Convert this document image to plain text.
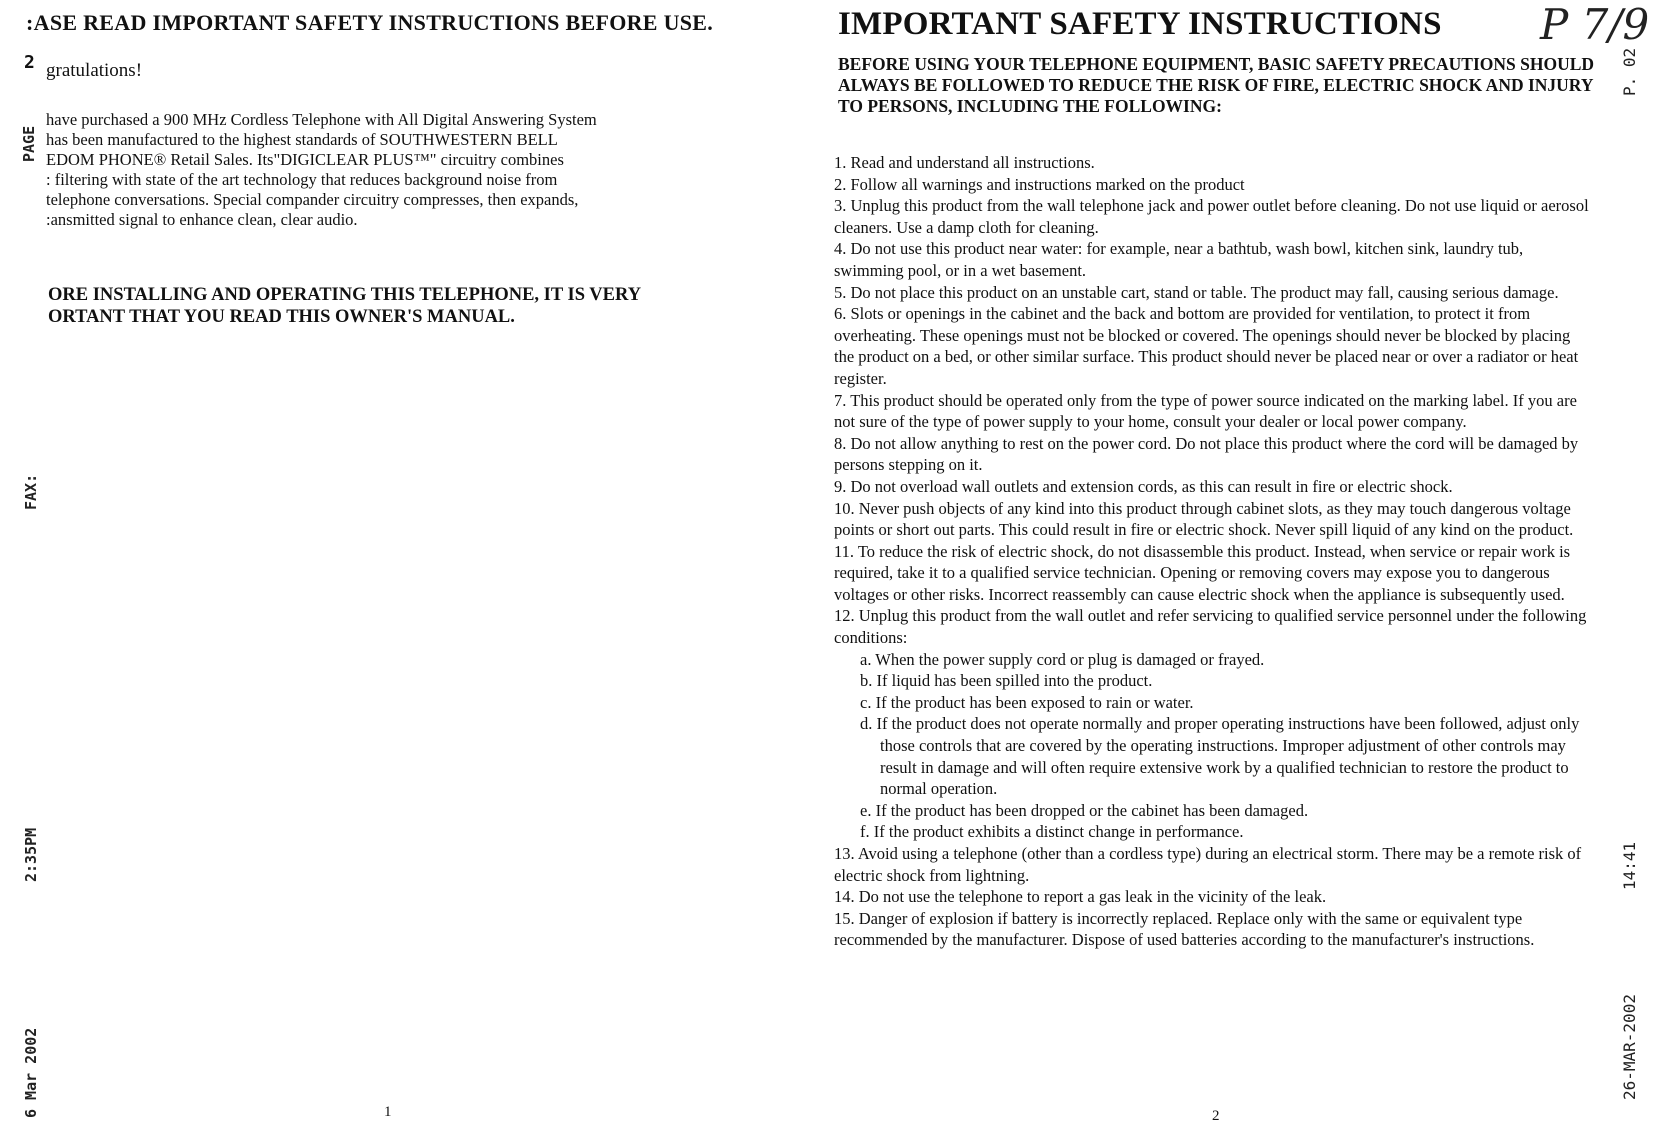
:ASE READ IMPORTANT SAFETY INSTRUCTIONS BEFORE USE.
2 gratulations!
PAGE
have purchased a 900 MHz Cordless Telephone with All Digital Answering System
has been manufactured to the highest standards of SOUTHWESTERN BELL
EDOM PHONE® Retail Sales. Its"DIGICLEAR PLUS™" circuitry combines
: filtering with state of the art technology that reduces background noise from
telephone conversations. Special compander circuitry compresses, then expands,
:ansmitted signal to enhance clean, clear audio.
ORE INSTALLING AND OPERATING THIS TELEPHONE, IT IS VERY
ORTANT THAT YOU READ THIS OWNER'S MANUAL.
1
FAX:
2:35PM
6 Mar 2002
IMPORTANT SAFETY INSTRUCTIONS P 7/9
BEFORE USING YOUR TELEPHONE EQUIPMENT, BASIC SAFETY PRECAUTIONS SHOULD ALWAYS BE FOLLOWED TO REDUCE THE RISK OF FIRE, ELECTRIC SHOCK AND INJURY TO PERSONS, INCLUDING THE FOLLOWING:
1. Read and understand all instructions.
2. Follow all warnings and instructions marked on the product
3. Unplug this product from the wall telephone jack and power outlet before cleaning. Do not use liquid or aerosol cleaners. Use a damp cloth for cleaning.
4. Do not use this product near water: for example, near a bathtub, wash bowl, kitchen sink, laundry tub, swimming pool, or in a wet basement.
5. Do not place this product on an unstable cart, stand or table. The product may fall, causing serious damage.
6. Slots or openings in the cabinet and the back and bottom are provided for ventilation, to protect it from overheating. These openings must not be blocked or covered. The openings should never be blocked by placing the product on a bed, or other similar surface. This product should never be placed near or over a radiator or heat register.
7. This product should be operated only from the type of power source indicated on the marking label. If you are not sure of the type of power supply to your home, consult your dealer or local power company.
8. Do not allow anything to rest on the power cord. Do not place this product where the cord will be damaged by persons stepping on it.
9. Do not overload wall outlets and extension cords, as this can result in fire or electric shock.
10. Never push objects of any kind into this product through cabinet slots, as they may touch dangerous voltage points or short out parts. This could result in fire or electric shock. Never spill liquid of any kind on the product.
11. To reduce the risk of electric shock, do not disassemble this product. Instead, when service or repair work is required, take it to a qualified service technician. Opening or removing covers may expose you to dangerous voltages or other risks. Incorrect reassembly can cause electric shock when the appliance is subsequently used.
12. Unplug this product from the wall outlet and refer servicing to qualified service personnel under the following conditions:
a. When the power supply cord or plug is damaged or frayed.
b. If liquid has been spilled into the product.
c. If the product has been exposed to rain or water.
d. If the product does not operate normally and proper operating instructions have been followed, adjust only those controls that are covered by the operating instructions. Improper adjustment of other controls may result in damage and will often require extensive work by a qualified technician to restore the product to normal operation.
e. If the product has been dropped or the cabinet has been damaged.
f. If the product exhibits a distinct change in performance.
13. Avoid using a telephone (other than a cordless type) during an electrical storm. There may be a remote risk of electric shock from lightning.
14. Do not use the telephone to report a gas leak in the vicinity of the leak.
15. Danger of explosion if battery is incorrectly replaced. Replace only with the same or equivalent type recommended by the manufacturer. Dispose of used batteries according to the manufacturer's instructions.
2
P. 02
14:41
26-MAR-2002
